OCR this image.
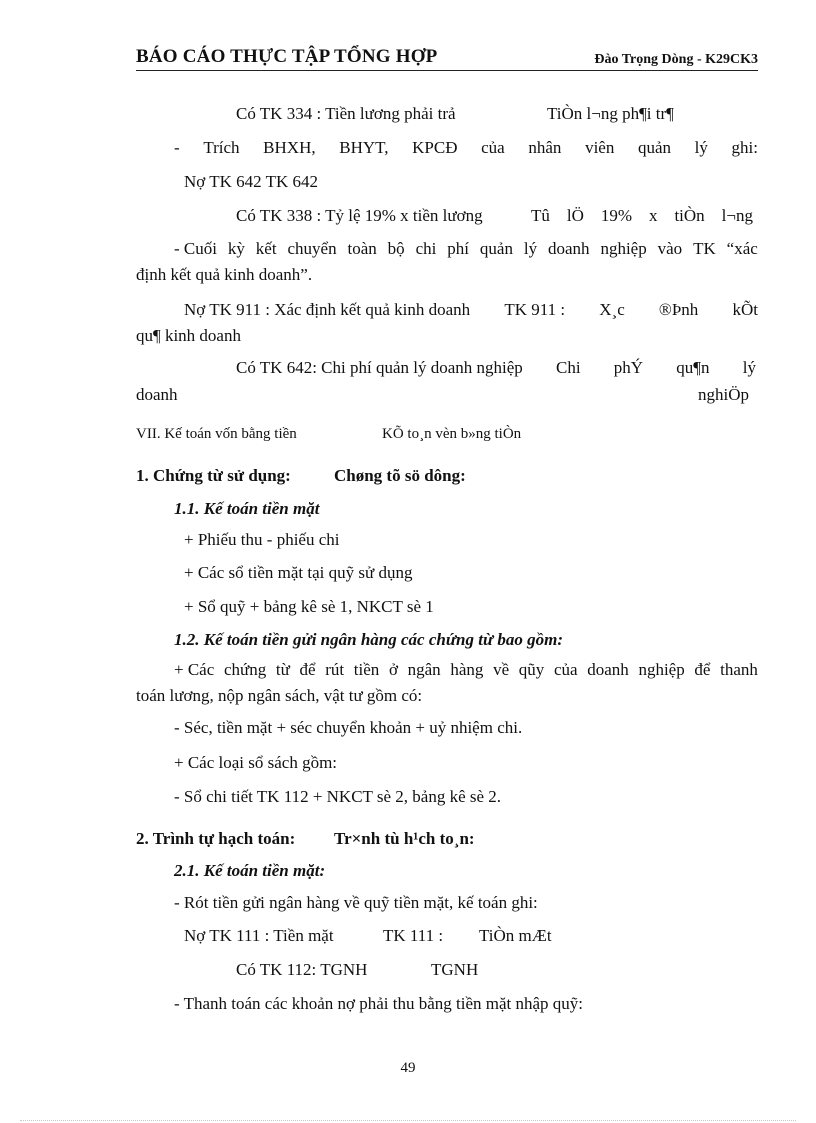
BÁO CÁO THỰC TẬP TỔNG HỢP	Đào Trọng Dòng - K29CK3
Có TK 334 : Tiền lương phải trả	TiÒn l¬ng ph¶i tr¶
- Trích BHXH, BHYT, KPCĐ của nhân viên quản lý ghi:
Nợ TK 642 TK 642
Có TK 338 : Tỷ lệ 19% x tiền lương	Tû lÖ 19% x tiÒn l¬ng
- Cuối kỳ kết chuyển toàn bộ chi phí quản lý doanh nghiệp vào TK “xác
định kết quả kinh doanh”.
Nợ TK 911 : Xác định kết quả kinh doanh TK 911 : X¸c ®Þnh kÕt
qu¶ kinh doanh
Có TK 642: Chi phí quản lý doanh nghiệp Chi phÝ qu¶n lý
doanh	nghiÖp
VII. Kế toán vốn bằng tiền	KÕ to¸n vèn b»ng tiÒn
1. Chứng từ sử dụng:	Chøng tõ sö dông:
1.1. Kế toán tiền mặt
+ Phiếu thu - phiếu chi
+ Các sổ tiền mặt tại quỹ sử dụng
+ Sổ quỹ + bảng kê sè 1, NKCT sè 1
1.2. Kế toán tiền gửi ngân hàng các chứng từ bao gồm:
+ Các chứng từ để rút tiền ở ngân hàng về qũy của doanh nghiệp để thanh
toán lương, nộp ngân sách, vật tư gồm có:
- Séc, tiền mặt + séc chuyển khoản + uỷ nhiệm chi.
+ Các loại sổ sách gồm:
- Sổ chi tiết TK 112 + NKCT sè 2, bảng kê sè 2.
2. Trình tự hạch toán: Tr×nh tù h¹ch to¸n:
2.1. Kế toán tiền mặt:
- Rót tiền gửi ngân hàng về quỹ tiền mặt, kế toán ghi:
Nợ TK 111 : Tiền mặt	TK 111 : TiÒn mÆt
Có TK 112: TGNH	TGNH
- Thanh toán các khoản nợ phải thu bằng tiền mặt nhập quỹ:
49
